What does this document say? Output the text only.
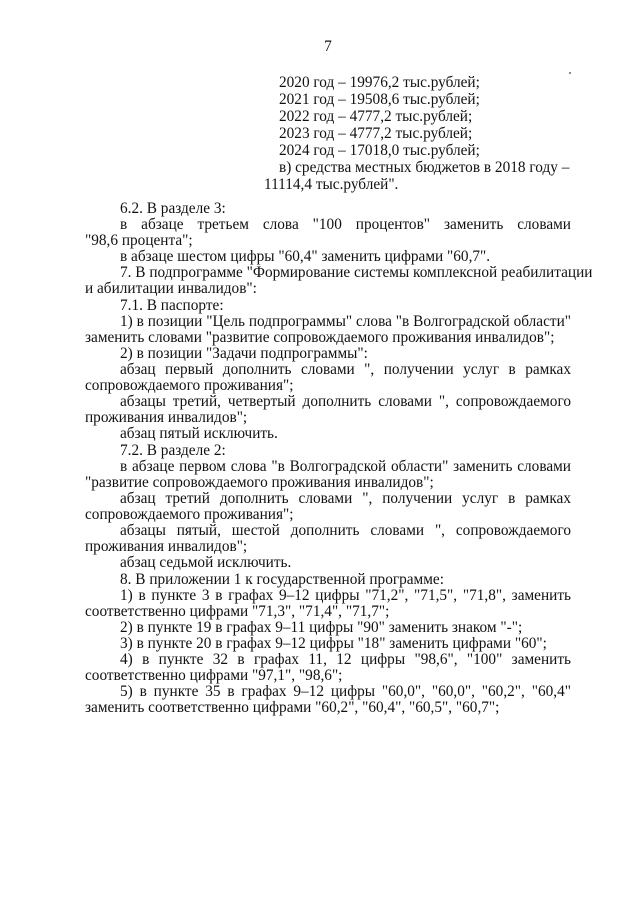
7
2020 год – 19976,2 тыс.рублей;
2021 год – 19508,6 тыс.рублей;
2022 год – 4777,2 тыс.рублей;
2023 год – 4777,2 тыс.рублей;
2024 год – 17018,0 тыс.рублей;
в) средства местных бюджетов в 2018 году –
11114,4 тыс.рублей".
6.2. В разделе 3:
в абзаце третьем слова "100 процентов" заменить словами
"98,6 процента";
в абзаце шестом цифры "60,4" заменить цифрами "60,7".
7. В подпрограмме "Формирование системы комплексной реабилитации
и абилитации инвалидов":
7.1. В паспорте:
1) в позиции "Цель подпрограммы" слова "в Волгоградской области"
заменить словами "развитие сопровождаемого проживания инвалидов";
2) в позиции "Задачи подпрограммы":
абзац первый дополнить словами ", получении услуг в рамках
сопровождаемого проживания";
абзацы третий, четвертый дополнить словами ", сопровождаемого
проживания инвалидов";
абзац пятый исключить.
7.2. В разделе 2:
в абзаце первом слова "в Волгоградской области" заменить словами
"развитие сопровождаемого проживания инвалидов";
абзац третий дополнить словами ", получении услуг в рамках
сопровождаемого проживания";
абзацы пятый, шестой дополнить словами ", сопровождаемого
проживания инвалидов";
абзац седьмой исключить.
8. В приложении 1 к государственной программе:
1) в пункте 3 в графах 9–12 цифры "71,2", "71,5", "71,8", заменить
соответственно цифрами "71,3", "71,4", "71,7";
2) в пункте 19 в графах 9–11 цифры "90" заменить знаком "-";
3) в пункте 20 в графах 9–12 цифры "18" заменить цифрами "60";
4) в пункте 32 в графах 11, 12 цифры "98,6", "100" заменить
соответственно цифрами "97,1", "98,6";
5) в пункте 35 в графах 9–12 цифры "60,0", "60,0", "60,2", "60,4"
заменить соответственно цифрами "60,2", "60,4", "60,5", "60,7";
